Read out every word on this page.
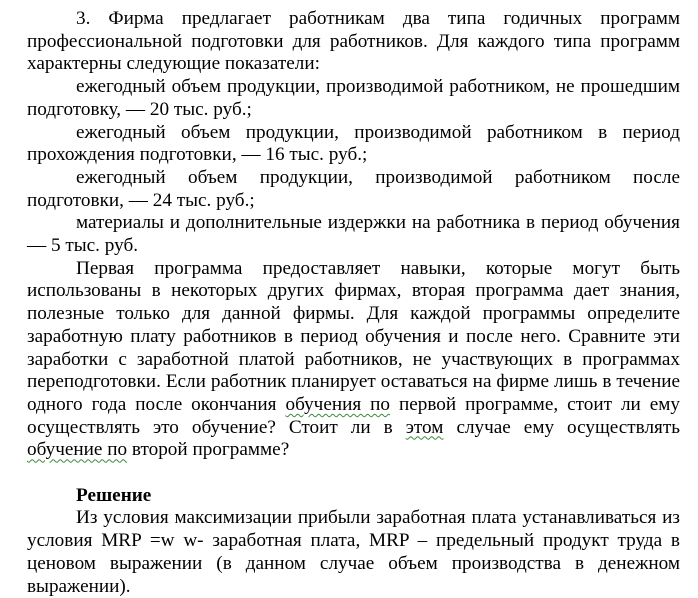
3. Фирма предлагает работникам два типа годичных программ профессиональной подготовки для работников. Для каждого типа программ характерны следующие показатели:

ежегодный объем продукции, производимой работником, не прошедшим подготовку, — 20 тыс. руб.;

ежегодный объем продукции, производимой работником в период прохождения подготовки, — 16 тыс. руб.;

ежегодный объем продукции, производимой работником после подготовки, — 24 тыс. руб.;

материалы и дополнительные издержки на работника в период обучения — 5 тыс. руб.

Первая программа предоставляет навыки, которые могут быть использованы в некоторых других фирмах, вторая программа дает знания, полезные только для данной фирмы. Для каждой программы определите заработную плату работников в период обучения и после него. Сравните эти заработки с заработной платой работников, не участвующих в программах переподготовки. Если работник планирует оставаться на фирме лишь в течение одного года после окончания обучения по первой программе, стоит ли ему осуществлять это обучение? Стоит ли в этом случае ему осуществлять обучение по второй программе?

Решение

Из условия максимизации прибыли заработная плата устанавливаться из условия MRP =w w- заработная плата, MRP – предельный продукт труда в ценовом выражении (в данном случае объем производства в денежном выражении).
